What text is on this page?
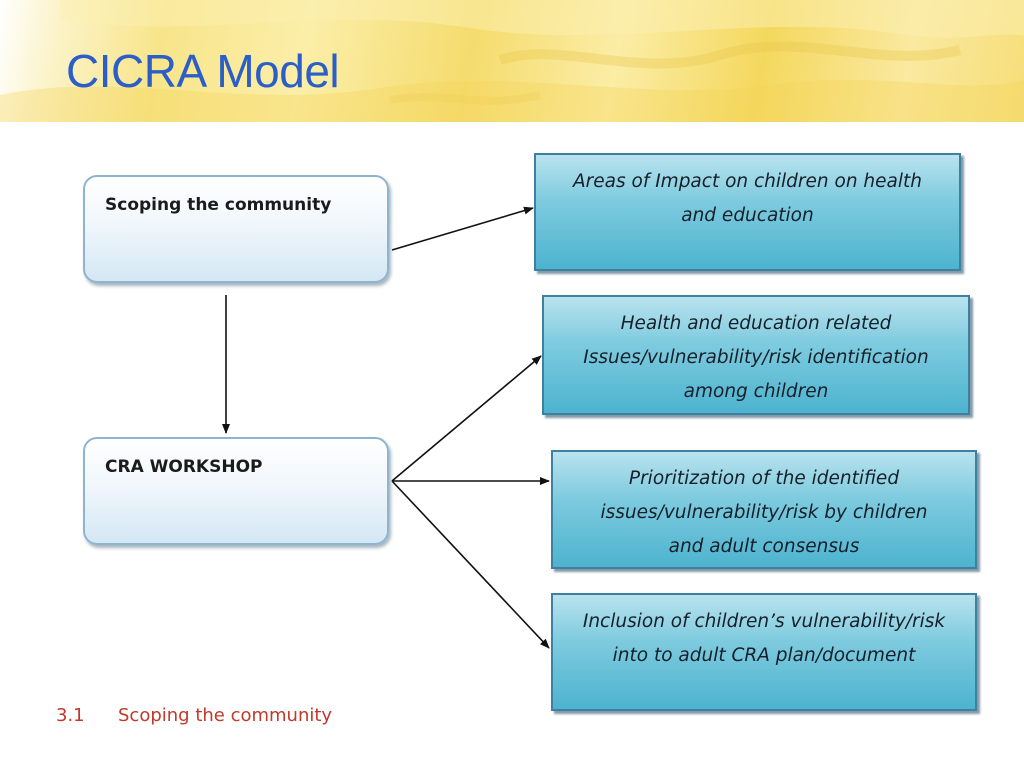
CICRA Model
Scoping the community
CRA WORKSHOP
Areas of Impact on children on health
and education
Health and education related
Issues/vulnerability/risk identification
among children
Prioritization of the identified
issues/vulnerability/risk by children
and adult consensus
Inclusion of children’s vulnerability/risk
into to adult CRA plan/document
3.1 Scoping the community
